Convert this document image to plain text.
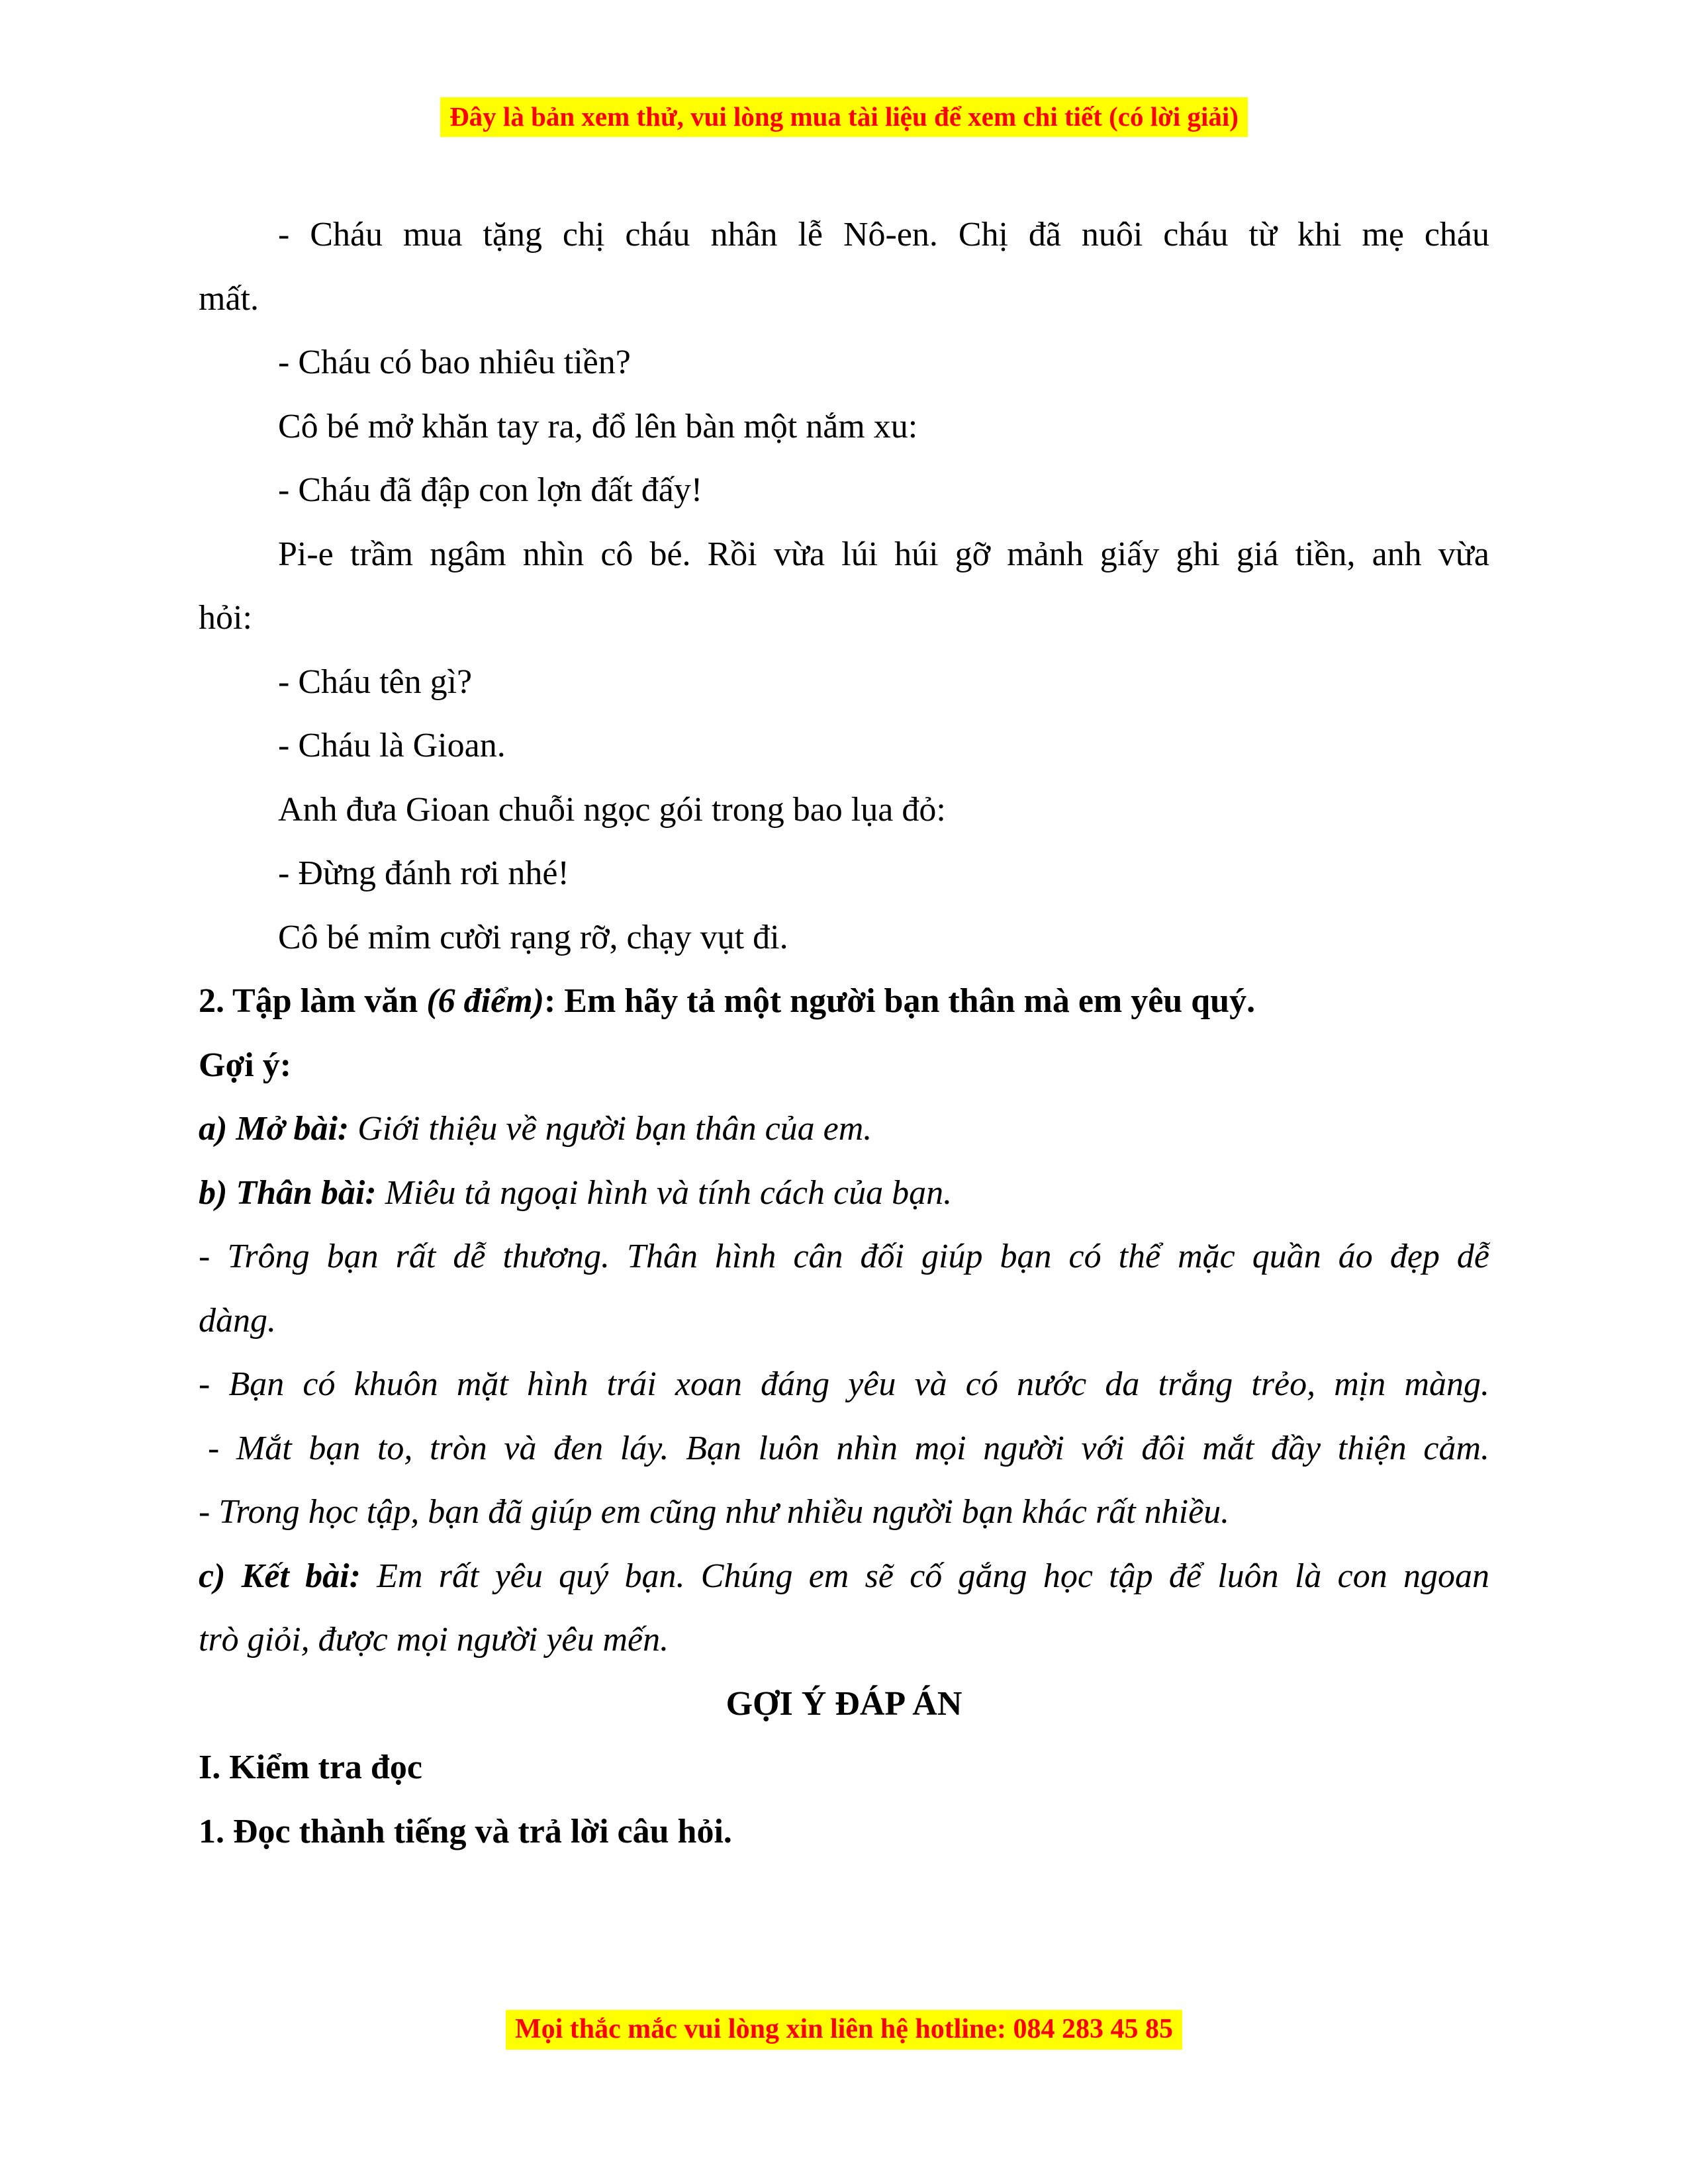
Đây là bản xem thử, vui lòng mua tài liệu để xem chi tiết (có lời giải)
- Cháu mua tặng chị cháu nhân lễ Nô-en. Chị đã nuôi cháu từ khi mẹ cháu
mất.
- Cháu có bao nhiêu tiền?
Cô bé mở khăn tay ra, đổ lên bàn một nắm xu:
- Cháu đã đập con lợn đất đấy!
Pi-e trầm ngâm nhìn cô bé. Rồi vừa lúi húi gỡ mảnh giấy ghi giá tiền, anh vừa
hỏi:
- Cháu tên gì?
- Cháu là Gioan.
Anh đưa Gioan chuỗi ngọc gói trong bao lụa đỏ:
- Đừng đánh rơi nhé!
Cô bé mỉm cười rạng rỡ, chạy vụt đi.
2. Tập làm văn (6 điểm): Em hãy tả một người bạn thân mà em yêu quý.
Gợi ý:
a) Mở bài: Giới thiệu về người bạn thân của em.
b) Thân bài: Miêu tả ngoại hình và tính cách của bạn.
- Trông bạn rất dễ thương. Thân hình cân đối giúp bạn có thể mặc quần áo đẹp dễ
dàng.
- Bạn có khuôn mặt hình trái xoan đáng yêu và có nước da trắng trẻo, mịn màng.
- Mắt bạn to, tròn và đen láy. Bạn luôn nhìn mọi người với đôi mắt đầy thiện cảm.
- Trong học tập, bạn đã giúp em cũng như nhiều người bạn khác rất nhiều.
c) Kết bài: Em rất yêu quý bạn. Chúng em sẽ cố gắng học tập để luôn là con ngoan
trò giỏi, được mọi người yêu mến.
GỢI Ý ĐÁP ÁN
I. Kiểm tra đọc
1. Đọc thành tiếng và trả lời câu hỏi.
Mọi thắc mắc vui lòng xin liên hệ hotline: 084 283 45 85
